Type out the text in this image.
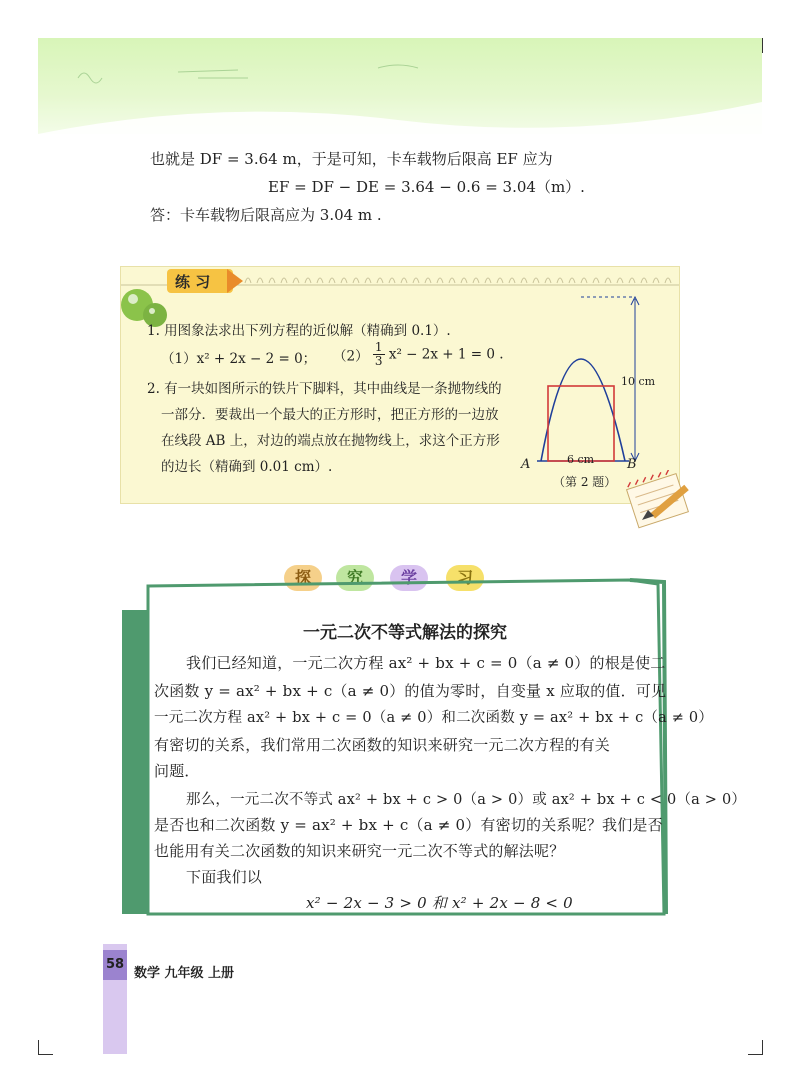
也就是 DF = 3.64 m，于是可知，卡车载物后限高 EF 应为
EF = DF − DE = 3.64 − 0.6 = 3.04（m）.
答：卡车载物后限高应为 3.04 m .
练 习
1. 用图象法求出下列方程的近似解（精确到 0.1）.
（1）x² + 2x − 2 = 0； $(2) \frac{1}{3} x^2 - 2x + 1 = 0$ .
2. 有一块如图所示的铁片下脚料，其中曲线是一条抛物线的
一部分．要裁出一个最大的正方形时，把正方形的一边放
在线段 AB 上，对边的端点放在抛物线上，求这个正方形
的边长（精确到 0.01 cm）.
10 cm
6 cm
A	B
（第 2 题）
探	究	学	习
一元二次不等式解法的探究
我们已经知道，一元二次方程 ax² + bx + c = 0（a ≠ 0）的根是使二
次函数 y = ax² + bx + c（a ≠ 0）的值为零时，自变量 x 应取的值．可见
一元二次方程 ax² + bx + c = 0（a ≠ 0）和二次函数 y = ax² + bx + c（a ≠ 0）
有密切的关系，我们常用二次函数的知识来研究一元二次方程的有关
问题．
那么，一元二次不等式 ax² + bx + c > 0（a > 0）或 ax² + bx + c < 0（a > 0）
是否也和二次函数 y = ax² + bx + c（a ≠ 0）有密切的关系呢？我们是否
也能用有关二次函数的知识来研究一元二次不等式的解法呢？
下面我们以
x² − 2x − 3 > 0 和 x² + 2x − 8 < 0
58
数学 九年级 上册
